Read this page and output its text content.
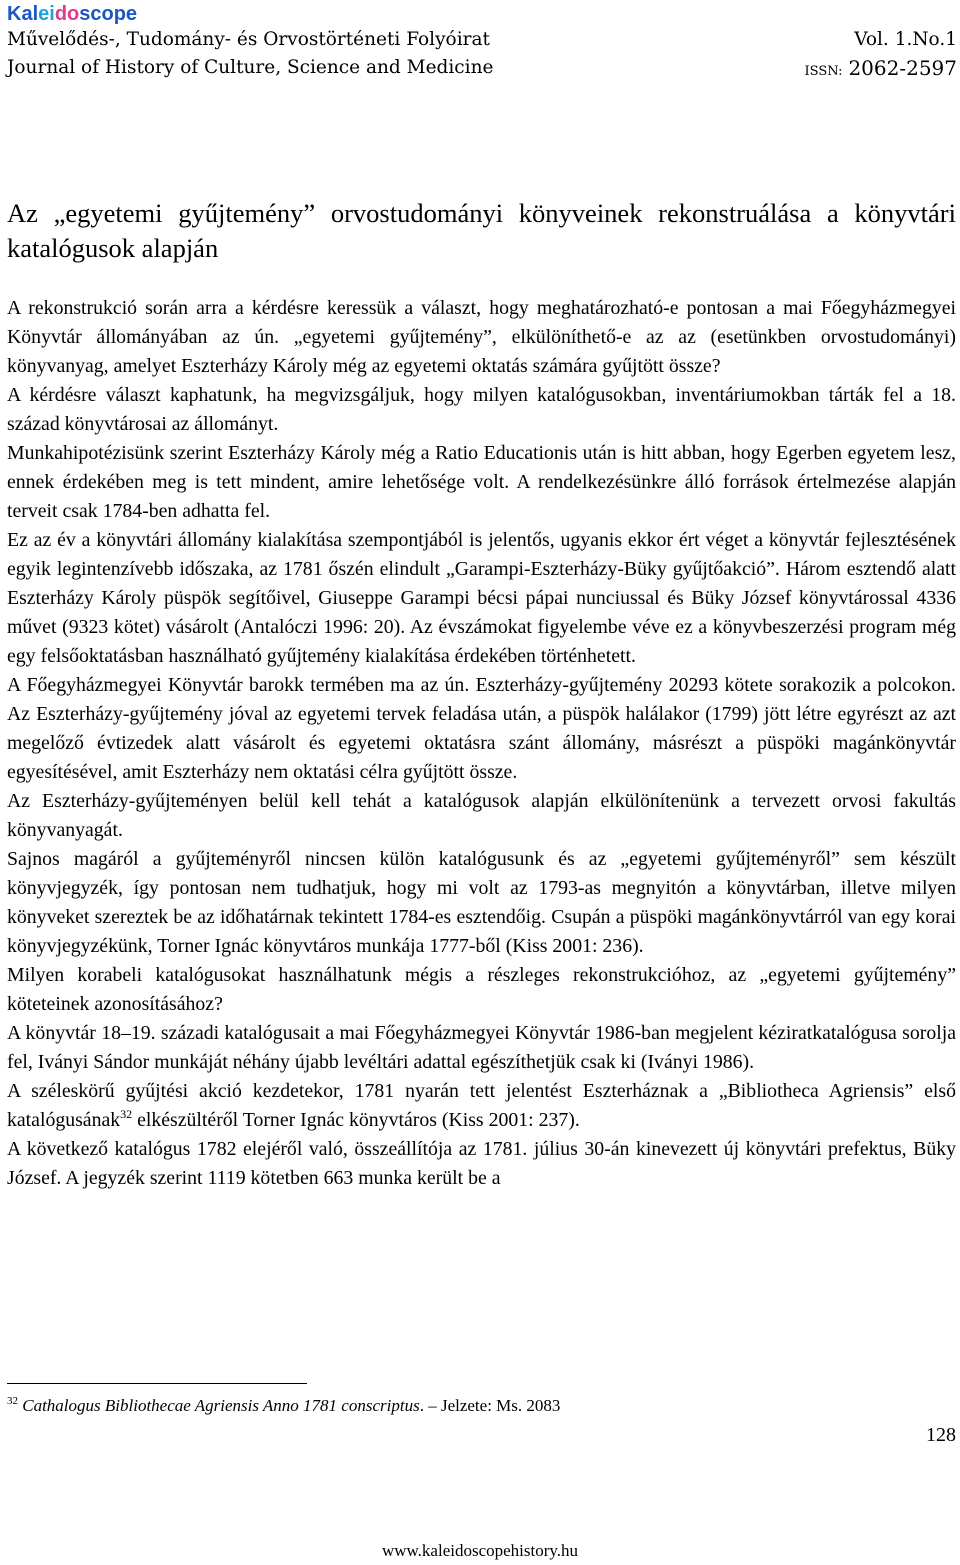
Kaleidoscope
Művelődés-, Tudomány- és Orvostörténeti Folyóirat	Vol. 1.No.1
Journal of History of Culture, Science and Medicine	ISSN: 2062-2597
Az „egyetemi gyűjtemény” orvostudományi könyveinek rekonstruálása a könyvtári katalógusok alapján

A rekonstrukció során arra a kérdésre keressük a választ, hogy meghatározható-e pontosan a mai Főegyházmegyei Könyvtár állományában az ún. „egyetemi gyűjtemény”, elkülöníthető-e az az (esetünkben orvostudományi) könyvanyag, amelyet Eszterházy Károly még az egyetemi oktatás számára gyűjtött össze?

A kérdésre választ kaphatunk, ha megvizsgáljuk, hogy milyen katalógusokban, inventáriumokban tárták fel a 18. század könyvtárosai az állományt.

Munkahipotézisünk szerint Eszterházy Károly még a Ratio Educationis után is hitt abban, hogy Egerben egyetem lesz, ennek érdekében meg is tett mindent, amire lehetősége volt. A rendelkezésünkre álló források értelmezése alapján terveit csak 1784-ben adhatta fel.

Ez az év a könyvtári állomány kialakítása szempontjából is jelentős, ugyanis ekkor ért véget a könyvtár fejlesztésének egyik legintenzívebb időszaka, az 1781 őszén elindult „Garampi-Eszterházy-Büky gyűjtőakció”. Három esztendő alatt Eszterházy Károly püspök segítőivel, Giuseppe Garampi bécsi pápai nunciussal és Büky József könyvtárossal 4336 művet (9323 kötet) vásárolt (Antalóczi 1996: 20). Az évszámokat figyelembe véve ez a könyvbeszerzési program még egy felsőoktatásban használható gyűjtemény kialakítása érdekében történhetett.

A Főegyházmegyei Könyvtár barokk termében ma az ún. Eszterházy-gyűjtemény 20293 kötete sorakozik a polcokon. Az Eszterházy-gyűjtemény jóval az egyetemi tervek feladása után, a püspök halálakor (1799) jött létre egyrészt az azt megelőző évtizedek alatt vásárolt és egyetemi oktatásra szánt állomány, másrészt a püspöki magánkönyvtár egyesítésével, amit Eszterházy nem oktatási célra gyűjtött össze.

Az Eszterházy-gyűjteményen belül kell tehát a katalógusok alapján elkülönítenünk a tervezett orvosi fakultás könyvanyagát.

Sajnos magáról a gyűjteményről nincsen külön katalógusunk és az „egyetemi gyűjteményről” sem készült könyvjegyzék, így pontosan nem tudhatjuk, hogy mi volt az 1793-as megnyitón a könyvtárban, illetve milyen könyveket szereztek be az időhatárnak tekintett 1784-es esztendőig. Csupán a püspöki magánkönyvtárról van egy korai könyvjegyzékünk, Torner Ignác könyvtáros munkája 1777-ből (Kiss 2001: 236).

Milyen korabeli katalógusokat használhatunk mégis a részleges rekonstrukcióhoz, az „egyetemi gyűjtemény” köteteinek azonosításához?

A könyvtár 18–19. századi katalógusait a mai Főegyházmegyei Könyvtár 1986-ban megjelent kéziratkatalógusa sorolja fel, Iványi Sándor munkáját néhány újabb levéltári adattal egészíthetjük csak ki (Iványi 1986).

A széleskörű gyűjtési akció kezdetekor, 1781 nyarán tett jelentést Eszterháznak a „Bibliotheca Agriensis” első katalógusának$^{32}$ elkészültéről Torner Ignác könyvtáros (Kiss 2001: 237).

A következő katalógus 1782 elejéről való, összeállítója az 1781. július 30-án kinevezett új könyvtári prefektus, Büky József. A jegyzék szerint 1119 kötetben 663 munka került be a

$^{32}$ Cathalogus Bibliothecae Agriensis Anno 1781 conscriptus. – Jelzete: Ms. 2083
128
www.kaleidoscopehistory.hu
